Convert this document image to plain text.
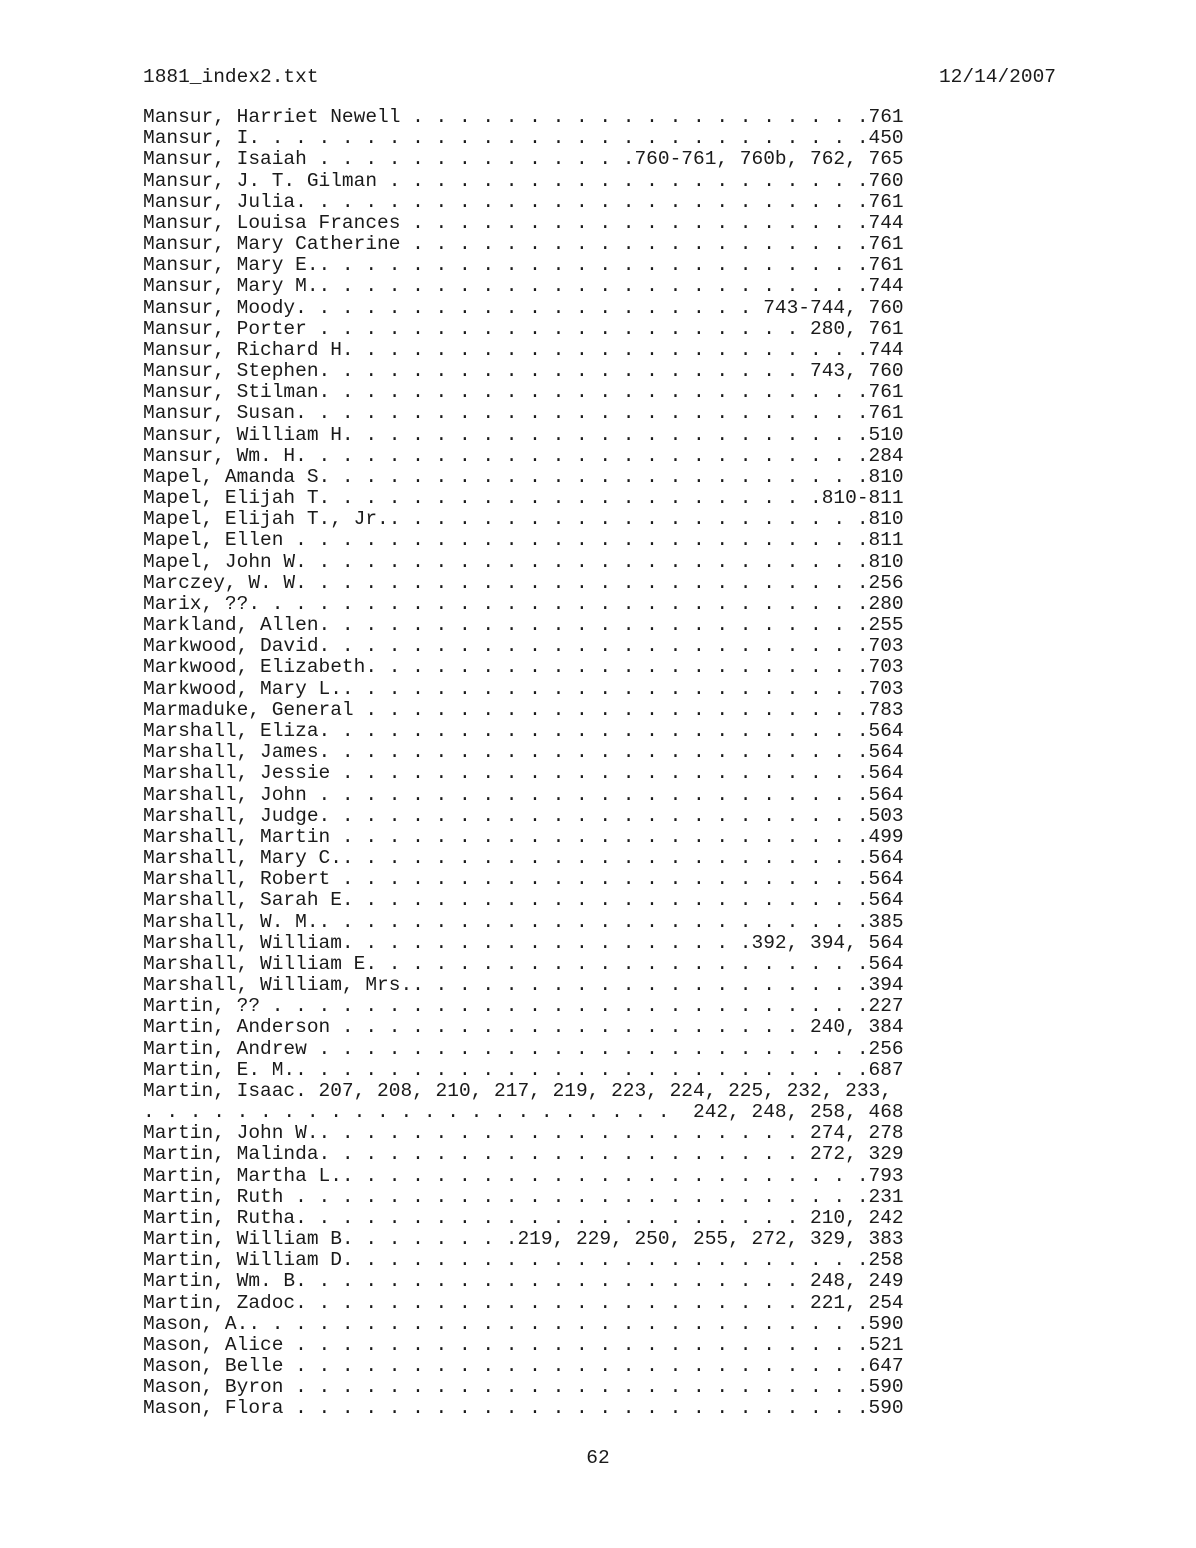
1881_index2.txt	12/14/2007
Mansur, Harriet Newell . . . . . . . . . . . . . . . . . . . .761
Mansur, I. . . . . . . . . . . . . . . . . . . . . . . . . . .450
Mansur, Isaiah . . . . . . . . . . . . . .760-761, 760b, 762, 765
Mansur, J. T. Gilman . . . . . . . . . . . . . . . . . . . . .760
Mansur, Julia. . . . . . . . . . . . . . . . . . . . . . . . .761
Mansur, Louisa Frances . . . . . . . . . . . . . . . . . . . .744
Mansur, Mary Catherine . . . . . . . . . . . . . . . . . . . .761
Mansur, Mary E.. . . . . . . . . . . . . . . . . . . . . . . .761
Mansur, Mary M.. . . . . . . . . . . . . . . . . . . . . . . .744
Mansur, Moody. . . . . . . . . . . . . . . . . . . . 743-744, 760
Mansur, Porter . . . . . . . . . . . . . . . . . . . . . 280, 761
Mansur, Richard H. . . . . . . . . . . . . . . . . . . . . . .744
Mansur, Stephen. . . . . . . . . . . . . . . . . . . . . 743, 760
Mansur, Stilman. . . . . . . . . . . . . . . . . . . . . . . .761
Mansur, Susan. . . . . . . . . . . . . . . . . . . . . . . . .761
Mansur, William H. . . . . . . . . . . . . . . . . . . . . . .510
Mansur, Wm. H. . . . . . . . . . . . . . . . . . . . . . . . .284
Mapel, Amanda S. . . . . . . . . . . . . . . . . . . . . . . .810
Mapel, Elijah T. . . . . . . . . . . . . . . . . . . . . .810-811
Mapel, Elijah T., Jr.. . . . . . . . . . . . . . . . . . . . .810
Mapel, Ellen . . . . . . . . . . . . . . . . . . . . . . . . .811
Mapel, John W. . . . . . . . . . . . . . . . . . . . . . . . .810
Marczey, W. W. . . . . . . . . . . . . . . . . . . . . . . . .256
Marix, ??. . . . . . . . . . . . . . . . . . . . . . . . . . .280
Markland, Allen. . . . . . . . . . . . . . . . . . . . . . . .255
Markwood, David. . . . . . . . . . . . . . . . . . . . . . . .703
Markwood, Elizabeth. . . . . . . . . . . . . . . . . . . . . .703
Markwood, Mary L.. . . . . . . . . . . . . . . . . . . . . . .703
Marmaduke, General . . . . . . . . . . . . . . . . . . . . . .783
Marshall, Eliza. . . . . . . . . . . . . . . . . . . . . . . .564
Marshall, James. . . . . . . . . . . . . . . . . . . . . . . .564
Marshall, Jessie . . . . . . . . . . . . . . . . . . . . . . .564
Marshall, John . . . . . . . . . . . . . . . . . . . . . . . .564
Marshall, Judge. . . . . . . . . . . . . . . . . . . . . . . .503
Marshall, Martin . . . . . . . . . . . . . . . . . . . . . . .499
Marshall, Mary C.. . . . . . . . . . . . . . . . . . . . . . .564
Marshall, Robert . . . . . . . . . . . . . . . . . . . . . . .564
Marshall, Sarah E. . . . . . . . . . . . . . . . . . . . . . .564
Marshall, W. M.. . . . . . . . . . . . . . . . . . . . . . . .385
Marshall, William. . . . . . . . . . . . . . . . . .392, 394, 564
Marshall, William E. . . . . . . . . . . . . . . . . . . . . .564
Marshall, William, Mrs.. . . . . . . . . . . . . . . . . . . .394
Martin, ?? . . . . . . . . . . . . . . . . . . . . . . . . . .227
Martin, Anderson . . . . . . . . . . . . . . . . . . . . 240, 384
Martin, Andrew . . . . . . . . . . . . . . . . . . . . . . . .256
Martin, E. M.. . . . . . . . . . . . . . . . . . . . . . . . .687
Martin, Isaac. 207, 208, 210, 217, 219, 223, 224, 225, 232, 233,
. . . . . . . . . . . . . . . . . . . . . . .  242, 248, 258, 468
Martin, John W.. . . . . . . . . . . . . . . . . . . . . 274, 278
Martin, Malinda. . . . . . . . . . . . . . . . . . . . . 272, 329
Martin, Martha L.. . . . . . . . . . . . . . . . . . . . . . .793
Martin, Ruth . . . . . . . . . . . . . . . . . . . . . . . . .231
Martin, Rutha. . . . . . . . . . . . . . . . . . . . . . 210, 242
Martin, William B. . . . . . . .219, 229, 250, 255, 272, 329, 383
Martin, William D. . . . . . . . . . . . . . . . . . . . . . .258
Martin, Wm. B. . . . . . . . . . . . . . . . . . . . . . 248, 249
Martin, Zadoc. . . . . . . . . . . . . . . . . . . . . . 221, 254
Mason, A.. . . . . . . . . . . . . . . . . . . . . . . . . . .590
Mason, Alice . . . . . . . . . . . . . . . . . . . . . . . . .521
Mason, Belle . . . . . . . . . . . . . . . . . . . . . . . . .647
Mason, Byron . . . . . . . . . . . . . . . . . . . . . . . . .590
Mason, Flora . . . . . . . . . . . . . . . . . . . . . . . . .590
62
